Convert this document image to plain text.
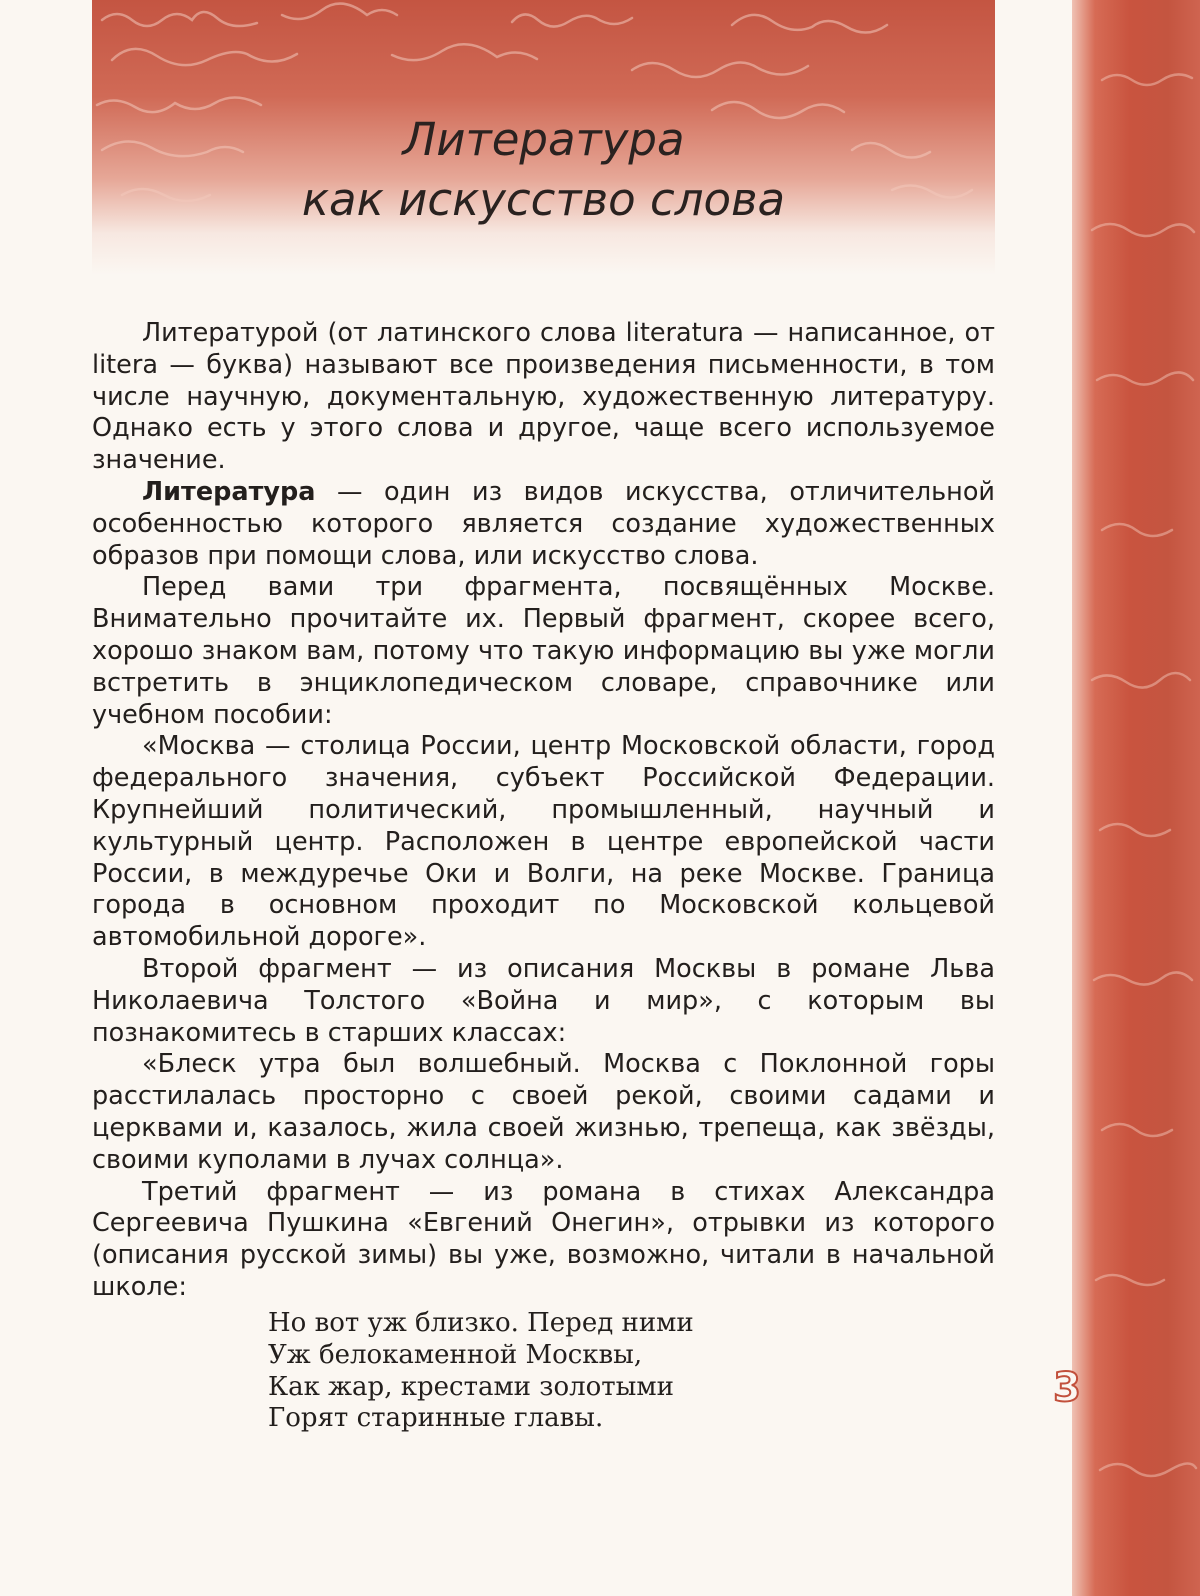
Литература
как искусство слова
3

Литературой (от латинского слова literatura — написанное, от litera — буква) называют все произведения письменности, в том числе научную, документальную, художественную литературу. Однако есть у этого слова и другое, чаще всего используемое значение.

Литература — один из видов искусства, отличительной особенностью которого является создание художественных образов при помощи слова, или искусство слова.

Перед вами три фрагмента, посвящённых Москве. Внимательно прочитайте их. Первый фрагмент, скорее всего, хорошо знаком вам, потому что такую информацию вы уже могли встретить в энциклопедическом словаре, справочнике или учебном пособии:

«Москва — столица России, центр Московской области, город федерального значения, субъект Российской Федерации. Крупнейший политический, промышленный, научный и культурный центр. Расположен в центре европейской части России, в междуречье Оки и Волги, на реке Москве. Граница города в основном проходит по Московской кольцевой автомобильной дороге».

Второй фрагмент — из описания Москвы в романе Льва Николаевича Толстого «Война и мир», с которым вы познакомитесь в старших классах:

«Блеск утра был волшебный. Москва с Поклонной горы расстилалась просторно с своей рекой, своими садами и церквами и, казалось, жила своей жизнью, трепеща, как звёзды, своими куполами в лучах солнца».

Третий фрагмент — из романа в стихах Александра Сергеевича Пушкина «Евгений Онегин», отрывки из которого (описания русской зимы) вы уже, возможно, читали в начальной школе:

Но вот уж близко. Перед ними
Уж белокаменной Москвы,
Как жар, крестами золотыми
Горят старинные главы.
